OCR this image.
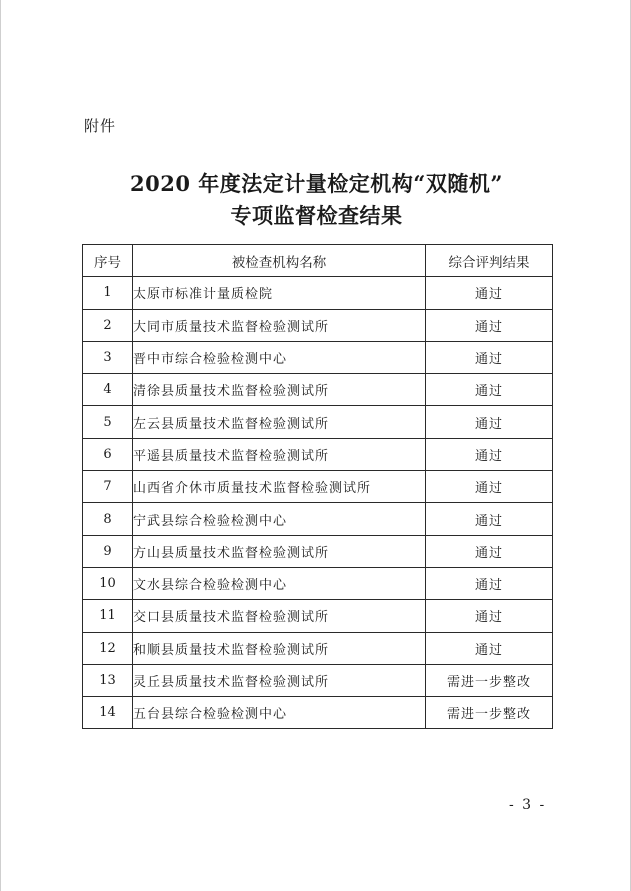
附件
2020 年度法定计量检定机构“双随机”
专项监督检查结果
序号	被检查机构名称	综合评判结果
1	太原市标准计量质检院	通过
2	大同市质量技术监督检验测试所	通过
3	晋中市综合检验检测中心	通过
4	清徐县质量技术监督检验测试所	通过
5	左云县质量技术监督检验测试所	通过
6	平遥县质量技术监督检验测试所	通过
7	山西省介休市质量技术监督检验测试所	通过
8	宁武县综合检验检测中心	通过
9	方山县质量技术监督检验测试所	通过
10	文水县综合检验检测中心	通过
11	交口县质量技术监督检验测试所	通过
12	和顺县质量技术监督检验测试所	通过
13	灵丘县质量技术监督检验测试所	需进一步整改
14	五台县综合检验检测中心	需进一步整改
- 3 -
